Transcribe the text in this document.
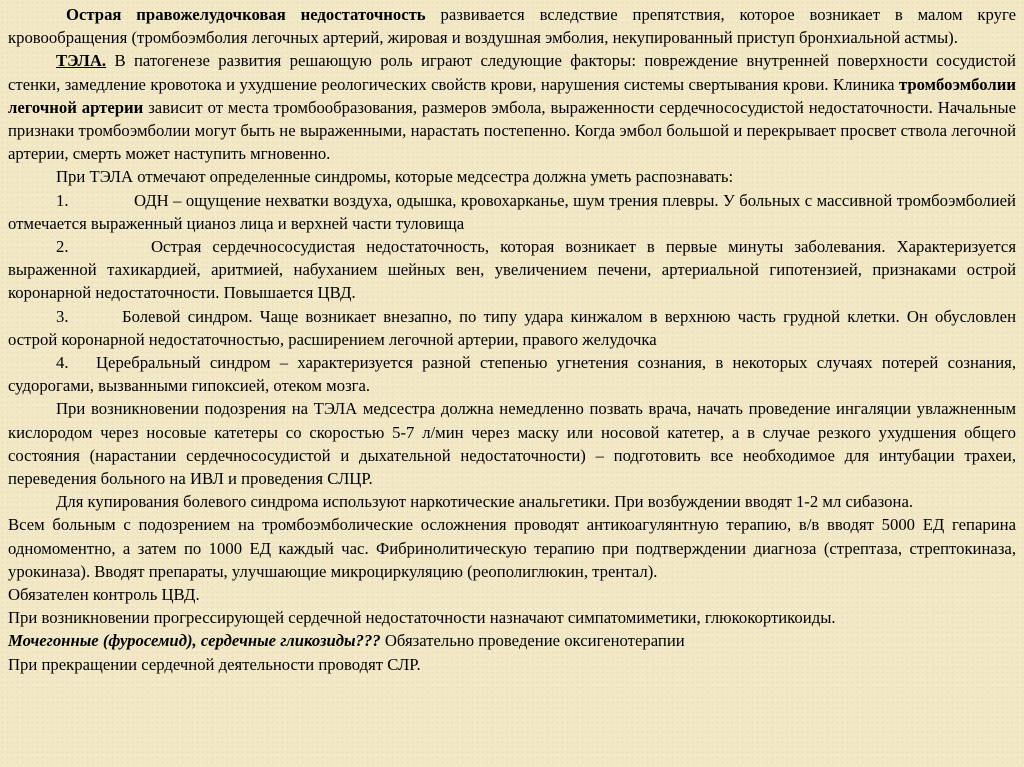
Острая правожелудочковая недостаточность развивается вследствие препятствия, которое возникает в малом круге кровообращения (тромбоэмболия легочных артерий, жировая и воздушная эмболия, некупированный приступ бронхиальной астмы).

ТЭЛА. В патогенезе развития решающую роль играют следующие факторы: повреждение внутренней поверхности сосудистой стенки, замедление кровотока и ухудшение реологических свойств крови, нарушения системы свертывания крови. Клиника тромбоэмболии легочной артерии зависит от места тромбообразования, размеров эмбола, выраженности сердечнососудистой недостаточности. Начальные признаки тромбоэмболии могут быть не выраженными, нарастать постепенно. Когда эмбол большой и перекрывает просвет ствола легочной артерии, смерть может наступить мгновенно.

При ТЭЛА отмечают определенные синдромы, которые медсестра должна уметь распознавать:

1.	ОДН – ощущение нехватки воздуха, одышка, кровохарканье, шум трения плевры. У больных с массивной тромбоэмболией отмечается выраженный цианоз лица и верхней части туловища

2.	Острая сердечнососудистая недостаточность, которая возникает в первые минуты заболевания. Характеризуется выраженной тахикардией, аритмией, набуханием шейных вен, увеличением печени, артериальной гипотензией, признаками острой коронарной недостаточности. Повышается ЦВД.

3.	Болевой синдром. Чаще возникает внезапно, по типу удара кинжалом в верхнюю часть грудной клетки. Он обусловлен острой коронарной недостаточностью, расширением легочной артерии, правого желудочка

4. Церебральный синдром – характеризуется разной степенью угнетения сознания, в некоторых случаях потерей сознания, судорогами, вызванными гипоксией, отеком мозга.

При возникновении подозрения на ТЭЛА медсестра должна немедленно позвать врача, начать проведение ингаляции увлажненным кислородом через носовые катетеры со скоростью 5-7 л/мин через маску или носовой катетер, а в случае резкого ухудшения общего состояния (нарастании сердечнососудистой и дыхательной недостаточности) – подготовить все необходимое для интубации трахеи, переведения больного на ИВЛ и проведения СЛЦР.

Для купирования болевого синдрома используют наркотические анальгетики. При возбуждении вводят 1-2 мл сибазона.

Всем больным с подозрением на тромбоэмболические осложнения проводят антикоагулянтную терапию, в/в вводят 5000 ЕД гепарина одномоментно, а затем по 1000 ЕД каждый час. Фибринолитическую терапию при подтверждении диагноза (стрептаза, стрептокиназа, урокиназа). Вводят препараты, улучшающие микроциркуляцию (реополиглюкин, трентал).

Обязателен контроль ЦВД.

При возникновении прогрессирующей сердечной недостаточности назначают симпатомиметики, глюкокортикоиды.

Мочегонные (фуросемид), сердечные гликозиды??? Обязательно проведение оксигенотерапии

При прекращении сердечной деятельности проводят СЛР.
